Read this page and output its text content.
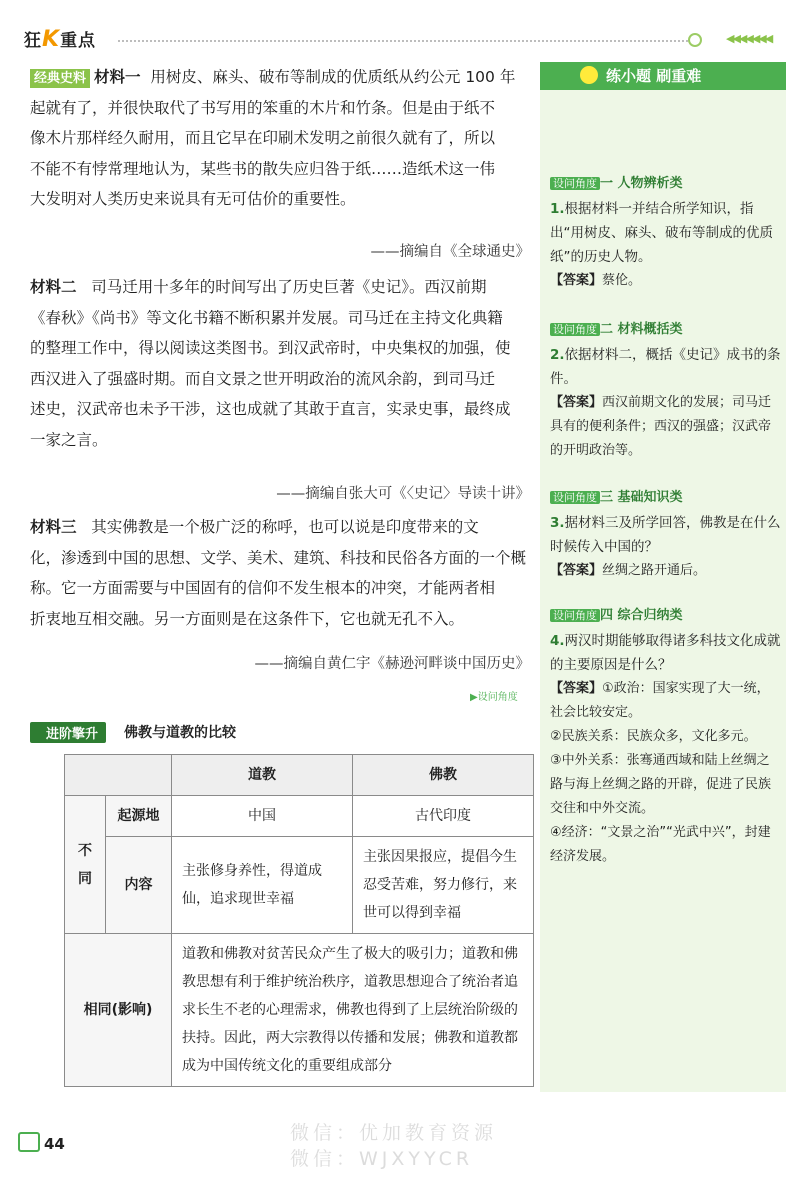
狂K重点	◀◀◀◀◀◀◀
经典史料 材料一 用树皮、麻头、破布等制成的优质纸从约公元 100 年
起就有了，并很快取代了书写用的笨重的木片和竹条。但是由于纸不
像木片那样经久耐用，而且它早在印刷术发明之前很久就有了，所以
不能不有悖常理地认为，某些书的散失应归咎于纸……造纸术这一伟
大发明对人类历史来说具有无可估价的重要性。
——摘编自《全球通史》
材料二 司马迁用十多年的时间写出了历史巨著《史记》。西汉前期
《春秋》《尚书》等文化书籍不断积累并发展。司马迁在主持文化典籍
的整理工作中，得以阅读这类图书。到汉武帝时，中央集权的加强，使
西汉进入了强盛时期。而自文景之世开明政治的流风余韵，到司马迁
述史，汉武帝也未予干涉，这也成就了其敢于直言，实录史事，最终成
一家之言。
——摘编自张大可《〈史记〉导读十讲》
材料三 其实佛教是一个极广泛的称呼，也可以说是印度带来的文
化，渗透到中国的思想、文学、美术、建筑、科技和民俗各方面的一个概
称。它一方面需要与中国固有的信仰不发生根本的冲突，才能两者相
折衷地互相交融。另一方面则是在这条件下，它也就无孔不入。
——摘编自黄仁宇《赫逊河畔谈中国历史》
▶设问角度
进阶擎升	佛教与道教的比较
		道教	佛教
不同	起源地	中国	古代印度
	内容	主张修身养性，得道成仙，追求现世幸福	主张因果报应，提倡今生忍受苦难，努力修行，来世可以得到幸福
相同(影响)		道教和佛教对贫苦民众产生了极大的吸引力；道教和佛教思想有利于维护统治秩序，道教思想迎合了统治者追求长生不老的心理需求，佛教也得到了上层统治阶级的扶持。因此，两大宗教得以传播和发展；佛教和道教都成为中国传统文化的重要组成部分	
练小题 刷重难
设问角度 一 人物辨析类
1.根据材料一并结合所学知识，指出“用树皮、麻头、破布等制成的优质纸”的历史人物。
【答案】蔡伦。
设问角度 二 材料概括类
2.依据材料二，概括《史记》成书的条件。
【答案】西汉前期文化的发展；司马迁具有的便利条件；西汉的强盛；汉武帝的开明政治等。
设问角度 三 基础知识类
3.据材料三及所学回答，佛教是在什么时候传入中国的？
【答案】丝绸之路开通后。
设问角度 四 综合归纳类
4.两汉时期能够取得诸多科技文化成就的主要原因是什么？
【答案】①政治：国家实现了大一统，社会比较安定。
②民族关系：民族众多，文化多元。
③中外关系：张骞通西域和陆上丝绸之路与海上丝绸之路的开辟，促进了民族交往和中外交流。
④经济：“文景之治”“光武中兴”，封建经济发展。
44	微信：优加教育资源
微信：WJXYYCR
